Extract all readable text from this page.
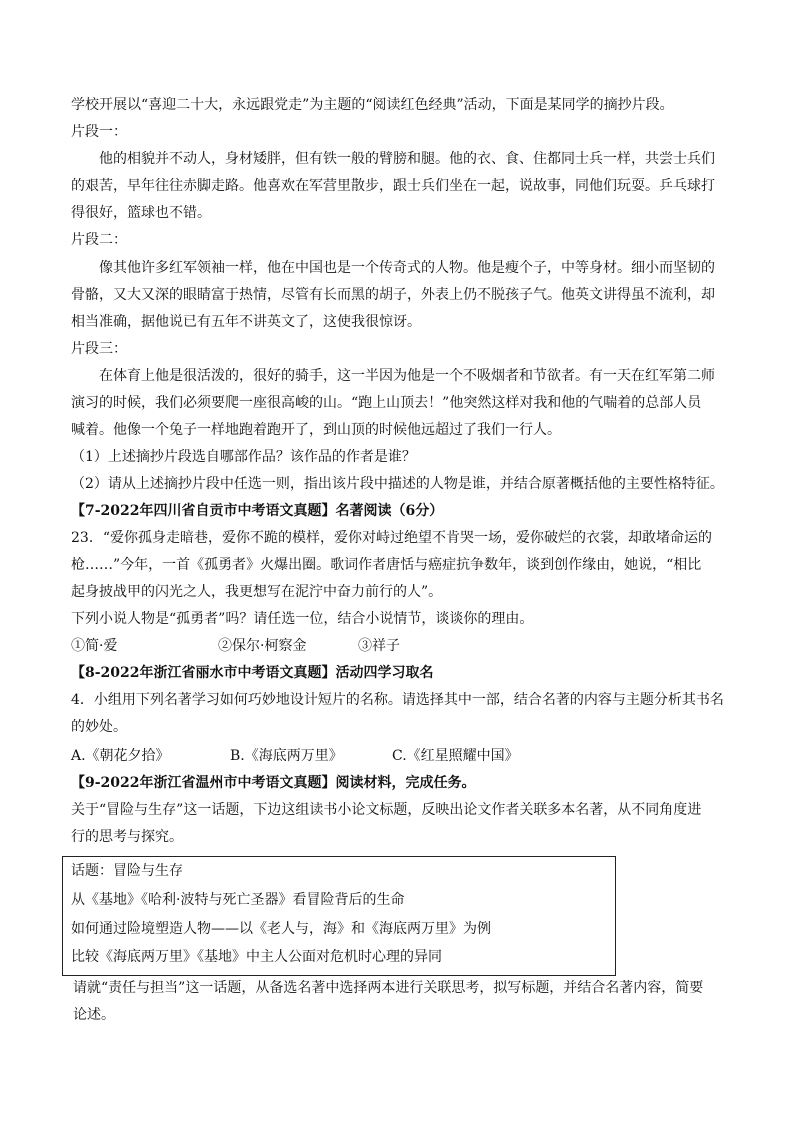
学校开展以“喜迎二十大，永远跟党走”为主题的“阅读红色经典”活动，下面是某同学的摘抄片段。
片段一：
他的相貌并不动人，身材矮胖，但有铁一般的臂膀和腿。他的衣、食、住都同士兵一样，共尝士兵们
的艰苦，早年往往赤脚走路。他喜欢在军营里散步，跟士兵们坐在一起，说故事，同他们玩耍。乒乓球打
得很好，篮球也不错。
片段二：
像其他许多红军领袖一样，他在中国也是一个传奇式的人物。他是瘦个子，中等身材。细小而坚韧的
骨骼，又大又深的眼睛富于热情，尽管有长而黑的胡子，外表上仍不脱孩子气。他英文讲得虽不流利，却
相当准确，据他说已有五年不讲英文了，这使我很惊讶。
片段三：
在体育上他是很活泼的，很好的骑手，这一半因为他是一个不吸烟者和节欲者。有一天在红军第二师
演习的时候，我们必须要爬一座很高峻的山。“跑上山顶去！”他突然这样对我和他的气喘着的总部人员
喊着。他像一个兔子一样地跑着跑开了，到山顶的时候他远超过了我们一行人。
（1）上述摘抄片段选自哪部作品？该作品的作者是谁？
（2）请从上述摘抄片段中任选一则，指出该片段中描述的人物是谁，并结合原著概括他的主要性格特征。
【7-2022年四川省自贡市中考语文真题】名著阅读（6分）
23．“爱你孤身走暗巷，爱你不跪的模样，爱你对峙过绝望不肯哭一场，爱你破烂的衣裳，却敢堵命运的
枪……”今年，一首《孤勇者》火爆出圈。歌词作者唐恬与癌症抗争数年，谈到创作缘由，她说，“相比
起身披战甲的闪光之人，我更想写在泥泞中奋力前行的人”。
下列小说人物是“孤勇者”吗？请任选一位，结合小说情节，谈谈你的理由。
①简·爱	②保尔·柯察金	③祥子
【8-2022年浙江省丽水市中考语文真题】活动四学习取名
4．小组用下列名著学习如何巧妙地设计短片的名称。请选择其中一部，结合名著的内容与主题分析其书名
的妙处。
A.《朝花夕拾》	B.《海底两万里》	C.《红星照耀中国》
【9-2022年浙江省温州市中考语文真题】阅读材料，完成任务。
关于“冒险与生存”这一话题，下边这组读书小论文标题，反映出论文作者关联多本名著，从不同角度进
行的思考与探究。
话题：冒险与生存
从《基地》《哈利·波特与死亡圣器》看冒险背后的生命
如何通过险境塑造人物——以《老人与，海》和《海底两万里》为例
比较《海底两万里》《基地》中主人公面对危机时心理的异同
请就“责任与担当”这一话题，从备选名著中选择两本进行关联思考，拟写标题，并结合名著内容，简要
论述。
